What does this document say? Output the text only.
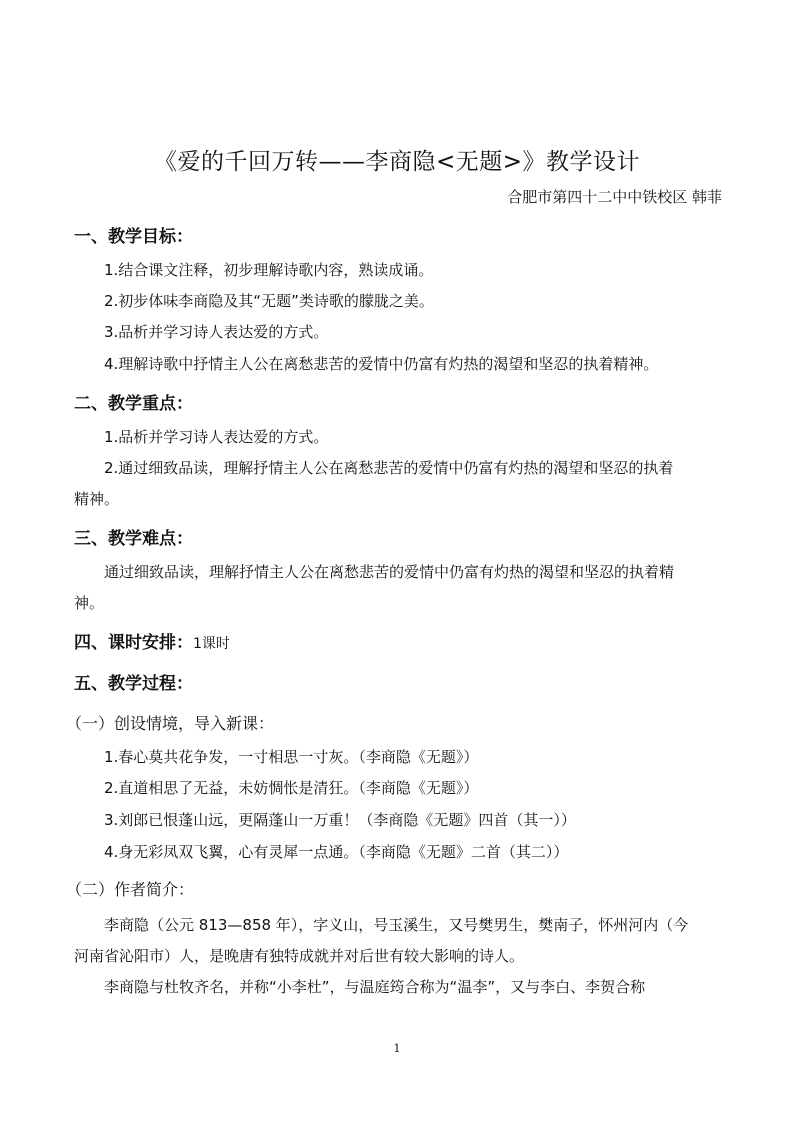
《爱的千回万转——李商隐<无题>》教学设计
合肥市第四十二中中铁校区 韩菲
一、教学目标：
1.结合课文注释，初步理解诗歌内容，熟读成诵。
2.初步体味李商隐及其“无题”类诗歌的朦胧之美。
3.品析并学习诗人表达爱的方式。
4.理解诗歌中抒情主人公在离愁悲苦的爱情中仍富有灼热的渴望和坚忍的执着精神。
二、教学重点：
1.品析并学习诗人表达爱的方式。
2.通过细致品读，理解抒情主人公在离愁悲苦的爱情中仍富有灼热的渴望和坚忍的执着
精神。
三、教学难点：
通过细致品读，理解抒情主人公在离愁悲苦的爱情中仍富有灼热的渴望和坚忍的执着精
神。
四、课时安排：1课时
五、教学过程：
（一）创设情境，导入新课：
1.春心莫共花争发，一寸相思一寸灰。（李商隐《无题》）
2.直道相思了无益，未妨惆怅是清狂。（李商隐《无题》）
3.刘郎已恨蓬山远，更隔蓬山一万重！（李商隐《无题》四首（其一））
4.身无彩凤双飞翼，心有灵犀一点通。（李商隐《无题》二首（其二））
（二）作者简介：
李商隐（公元 813—858 年），字义山，号玉溪生，又号樊男生，樊南子，怀州河内（今
河南省沁阳市）人，是晚唐有独特成就并对后世有较大影响的诗人。
李商隐与杜牧齐名，并称“小李杜”，与温庭筠合称为“温李”，又与李白、李贺合称
1
